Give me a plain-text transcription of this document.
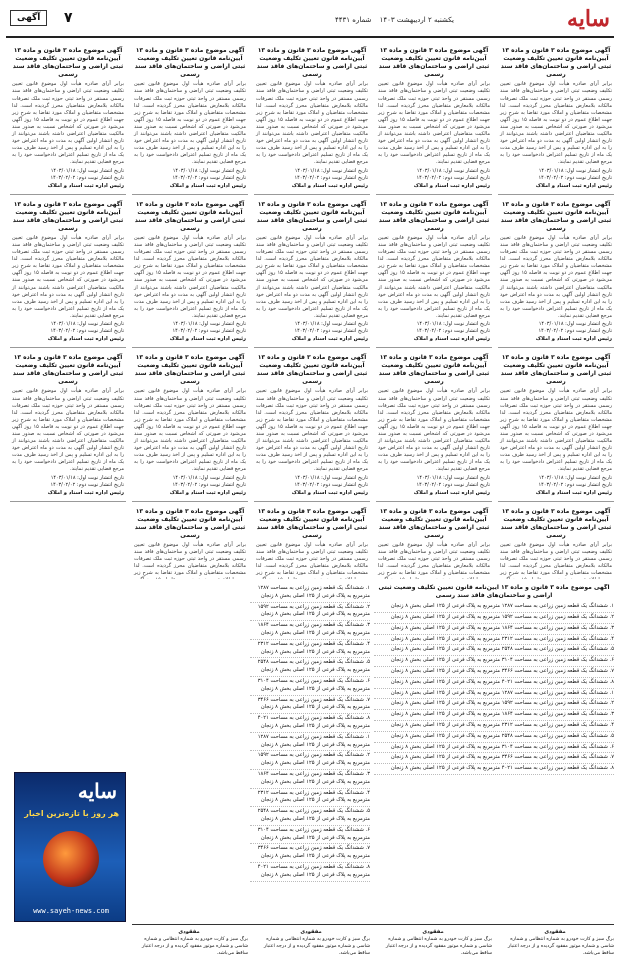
سایه
یکشنبه ۲ اردیبهشت ۱۴۰۳ شماره ۴۴۳۱
آگهی	۷
آگهی موضوع ماده ۳ قانون و ماده ۱۳ آیین‌نامه قانون تعیین تکلیف وضعیت ثبتی اراضی و ساختمان‌های فاقد سند رسمی
برابر آرای صادره هیأت اول موضوع قانون تعیین تکلیف وضعیت ثبتی اراضی و ساختمان‌های فاقد سند رسمی مستقر در واحد ثبتی حوزه ثبت ملک تصرفات مالکانه بلامعارض متقاضیان محرز گردیده است. لذا مشخصات متقاضیان و املاک مورد تقاضا به شرح زیر جهت اطلاع عموم در دو نوبت به فاصله ۱۵ روز آگهی می‌شود در صورتی که اشخاص نسبت به صدور سند مالکیت متقاضیان اعتراضی داشته باشند می‌توانند از تاریخ انتشار اولین آگهی به مدت دو ماه اعتراض خود را به این اداره تسلیم و پس از اخذ رسید ظرف مدت یک ماه از تاریخ تسلیم اعتراض دادخواست خود را به مرجع قضایی تقدیم نمایند.
تاریخ انتشار نوبت اول: ۱۴۰۳/۰۱/۱۸
تاریخ انتشار نوبت دوم: ۱۴۰۳/۰۲/۰۲
رئیس اداره ثبت اسناد و املاک
آگهی موضوع ماده ۳ قانون و ماده ۱۳ آیین‌نامه قانون تعیین تکلیف وضعیت ثبتی اراضی و ساختمان‌های فاقد سند رسمی
برابر آرای صادره هیأت اول موضوع قانون تعیین تکلیف وضعیت ثبتی اراضی و ساختمان‌های فاقد سند رسمی مستقر در واحد ثبتی حوزه ثبت ملک تصرفات مالکانه بلامعارض متقاضیان محرز گردیده است. لذا مشخصات متقاضیان و املاک مورد تقاضا به شرح زیر جهت اطلاع عموم در دو نوبت به فاصله ۱۵ روز آگهی می‌شود در صورتی که اشخاص نسبت به صدور سند مالکیت متقاضیان اعتراضی داشته باشند می‌توانند از تاریخ انتشار اولین آگهی به مدت دو ماه اعتراض خود را به این اداره تسلیم و پس از اخذ رسید ظرف مدت یک ماه از تاریخ تسلیم اعتراض دادخواست خود را به مرجع قضایی تقدیم نمایند.
تاریخ انتشار نوبت اول: ۱۴۰۳/۰۱/۱۸
تاریخ انتشار نوبت دوم: ۱۴۰۳/۰۲/۰۲
رئیس اداره ثبت اسناد و املاک
آگهی موضوع ماده ۳ قانون و ماده ۱۳ آیین‌نامه قانون تعیین تکلیف وضعیت ثبتی اراضی و ساختمان‌های فاقد سند رسمی
برابر آرای صادره هیأت اول موضوع قانون تعیین تکلیف وضعیت ثبتی اراضی و ساختمان‌های فاقد سند رسمی مستقر در واحد ثبتی حوزه ثبت ملک تصرفات مالکانه بلامعارض متقاضیان محرز گردیده است. لذا مشخصات متقاضیان و املاک مورد تقاضا به شرح زیر جهت اطلاع عموم در دو نوبت به فاصله ۱۵ روز آگهی می‌شود در صورتی که اشخاص نسبت به صدور سند مالکیت متقاضیان اعتراضی داشته باشند می‌توانند از تاریخ انتشار اولین آگهی به مدت دو ماه اعتراض خود را به این اداره تسلیم و پس از اخذ رسید ظرف مدت یک ماه از تاریخ تسلیم اعتراض دادخواست خود را به مرجع قضایی تقدیم نمایند.
تاریخ انتشار نوبت اول: ۱۴۰۳/۰۱/۱۸
تاریخ انتشار نوبت دوم: ۱۴۰۳/۰۲/۰۲
رئیس اداره ثبت اسناد و املاک
آگهی موضوع ماده ۳ قانون و ماده ۱۳ آیین‌نامه قانون تعیین تکلیف وضعیت ثبتی اراضی و ساختمان‌های فاقد سند رسمی
برابر آرای صادره هیأت اول موضوع قانون تعیین تکلیف وضعیت ثبتی اراضی و ساختمان‌های فاقد سند رسمی مستقر در واحد ثبتی حوزه ثبت ملک تصرفات مالکانه بلامعارض متقاضیان محرز گردیده است. لذا مشخصات متقاضیان و املاک مورد تقاضا به شرح زیر
آگهی موضوع ماده ۳ قانون و ماده ۱۳ آیین‌نامه قانون تعیین تکلیف وضعیت ثبتی اراضی و ساختمان‌های فاقد سند رسمی
برابر آرای صادره هیأت اول موضوع قانون تعیین تکلیف وضعیت ثبتی اراضی و ساختمان‌های فاقد سند رسمی مستقر در واحد ثبتی حوزه ثبت ملک تصرفات مالکانه بلامعارض متقاضیان محرز گردیده است. لذا مشخصات متقاضیان و املاک مورد تقاضا به شرح زیر جهت اطلاع عموم در دو نوبت به فاصله ۱۵ روز آگهی می‌شود در صورتی که اشخاص نسبت به صدور سند مالکیت متقاضیان اعتراضی داشته باشند می‌توانند از تاریخ انتشار اولین آگهی به مدت دو ماه اعتراض خود را به این اداره تسلیم و پس از اخذ رسید ظرف مدت یک ماه از تاریخ تسلیم اعتراض دادخواست خود را به مرجع قضایی تقدیم نمایند.
تاریخ انتشار نوبت اول: ۱۴۰۳/۰۱/۱۸
تاریخ انتشار نوبت دوم: ۱۴۰۳/۰۲/۰۲
رئیس اداره ثبت اسناد و املاک
آگهی موضوع ماده ۳ قانون و ماده ۱۳ آیین‌نامه قانون تعیین تکلیف وضعیت ثبتی اراضی و ساختمان‌های فاقد سند رسمی
برابر آرای صادره هیأت اول موضوع قانون تعیین تکلیف وضعیت ثبتی اراضی و ساختمان‌های فاقد سند رسمی مستقر در واحد ثبتی حوزه ثبت ملک تصرفات مالکانه بلامعارض متقاضیان محرز گردیده است. لذا مشخصات متقاضیان و املاک مورد تقاضا به شرح زیر جهت اطلاع عموم در دو نوبت به فاصله ۱۵ روز آگهی می‌شود در صورتی که اشخاص نسبت به صدور سند مالکیت متقاضیان اعتراضی داشته باشند می‌توانند از تاریخ انتشار اولین آگهی به مدت دو ماه اعتراض خود را به این اداره تسلیم و پس از اخذ رسید ظرف مدت یک ماه از تاریخ تسلیم اعتراض دادخواست خود را به مرجع قضایی تقدیم نمایند.
تاریخ انتشار نوبت اول: ۱۴۰۳/۰۱/۱۸
تاریخ انتشار نوبت دوم: ۱۴۰۳/۰۲/۰۲
رئیس اداره ثبت اسناد و املاک
آگهی موضوع ماده ۳ قانون و ماده ۱۳ آیین‌نامه قانون تعیین تکلیف وضعیت ثبتی اراضی و ساختمان‌های فاقد سند رسمی
برابر آرای صادره هیأت اول موضوع قانون تعیین تکلیف وضعیت ثبتی اراضی و ساختمان‌های فاقد سند رسمی مستقر در واحد ثبتی حوزه ثبت ملک تصرفات مالکانه بلامعارض متقاضیان محرز گردیده است. لذا مشخصات متقاضیان و املاک مورد تقاضا به شرح زیر جهت اطلاع عموم در دو نوبت به فاصله ۱۵ روز آگهی می‌شود در صورتی که اشخاص نسبت به صدور سند مالکیت متقاضیان اعتراضی داشته باشند می‌توانند از تاریخ انتشار اولین آگهی به مدت دو ماه اعتراض خود را به این اداره تسلیم و پس از اخذ رسید ظرف مدت یک ماه از تاریخ تسلیم اعتراض دادخواست خود را به مرجع قضایی تقدیم نمایند.
تاریخ انتشار نوبت اول: ۱۴۰۳/۰۱/۱۸
تاریخ انتشار نوبت دوم: ۱۴۰۳/۰۲/۰۲
رئیس اداره ثبت اسناد و املاک
آگهی موضوع ماده ۳ قانون و ماده ۱۳ آیین‌نامه قانون تعیین تکلیف وضعیت ثبتی اراضی و ساختمان‌های فاقد سند رسمی
برابر آرای صادره هیأت اول موضوع قانون تعیین تکلیف وضعیت ثبتی اراضی و ساختمان‌های فاقد سند رسمی مستقر در واحد ثبتی حوزه ثبت ملک تصرفات مالکانه بلامعارض متقاضیان محرز گردیده است. لذا مشخصات متقاضیان و املاک مورد تقاضا به شرح زیر
آگهی موضوع ماده ۳ قانون و ماده ۱۳ آیین‌نامه قانون تعیین تکلیف وضعیت ثبتی اراضی و ساختمان‌های فاقد سند رسمی
برابر آرای صادره هیأت اول موضوع قانون تعیین تکلیف وضعیت ثبتی اراضی و ساختمان‌های فاقد سند رسمی مستقر در واحد ثبتی حوزه ثبت ملک تصرفات مالکانه بلامعارض متقاضیان محرز گردیده است. لذا مشخصات متقاضیان و املاک مورد تقاضا به شرح زیر جهت اطلاع عموم در دو نوبت به فاصله ۱۵ روز آگهی می‌شود در صورتی که اشخاص نسبت به صدور سند مالکیت متقاضیان اعتراضی داشته باشند می‌توانند از تاریخ انتشار اولین آگهی به مدت دو ماه اعتراض خود را به این اداره تسلیم و پس از اخذ رسید ظرف مدت یک ماه از تاریخ تسلیم اعتراض دادخواست خود را به مرجع قضایی تقدیم نمایند.
تاریخ انتشار نوبت اول: ۱۴۰۳/۰۱/۱۸
تاریخ انتشار نوبت دوم: ۱۴۰۳/۰۲/۰۲
رئیس اداره ثبت اسناد و املاک
آگهی موضوع ماده ۳ قانون و ماده ۱۳ آیین‌نامه قانون تعیین تکلیف وضعیت ثبتی اراضی و ساختمان‌های فاقد سند رسمی
برابر آرای صادره هیأت اول موضوع قانون تعیین تکلیف وضعیت ثبتی اراضی و ساختمان‌های فاقد سند رسمی مستقر در واحد ثبتی حوزه ثبت ملک تصرفات مالکانه بلامعارض متقاضیان محرز گردیده است. لذا مشخصات متقاضیان و املاک مورد تقاضا به شرح زیر جهت اطلاع عموم در دو نوبت به فاصله ۱۵ روز آگهی می‌شود در صورتی که اشخاص نسبت به صدور سند مالکیت متقاضیان اعتراضی داشته باشند می‌توانند از تاریخ انتشار اولین آگهی به مدت دو ماه اعتراض خود را به این اداره تسلیم و پس از اخذ رسید ظرف مدت یک ماه از تاریخ تسلیم اعتراض دادخواست خود را به مرجع قضایی تقدیم نمایند.
تاریخ انتشار نوبت اول: ۱۴۰۳/۰۱/۱۸
تاریخ انتشار نوبت دوم: ۱۴۰۳/۰۲/۰۲
رئیس اداره ثبت اسناد و املاک
آگهی موضوع ماده ۳ قانون و ماده ۱۳ آیین‌نامه قانون تعیین تکلیف وضعیت ثبتی اراضی و ساختمان‌های فاقد سند رسمی
برابر آرای صادره هیأت اول موضوع قانون تعیین تکلیف وضعیت ثبتی اراضی و ساختمان‌های فاقد سند رسمی مستقر در واحد ثبتی حوزه ثبت ملک تصرفات مالکانه بلامعارض متقاضیان محرز گردیده است. لذا مشخصات متقاضیان و املاک مورد تقاضا به شرح زیر جهت اطلاع عموم در دو نوبت به فاصله ۱۵ روز آگهی می‌شود در صورتی که اشخاص نسبت به صدور سند مالکیت متقاضیان اعتراضی داشته باشند می‌توانند از تاریخ انتشار اولین آگهی به مدت دو ماه اعتراض خود را به این اداره تسلیم و پس از اخذ رسید ظرف مدت یک ماه از تاریخ تسلیم اعتراض دادخواست خود را به مرجع قضایی تقدیم نمایند.
تاریخ انتشار نوبت اول: ۱۴۰۳/۰۱/۱۸
تاریخ انتشار نوبت دوم: ۱۴۰۳/۰۲/۰۲
رئیس اداره ثبت اسناد و املاک
آگهی موضوع ماده ۳ قانون و ماده ۱۳ آیین‌نامه قانون تعیین تکلیف وضعیت ثبتی اراضی و ساختمان‌های فاقد سند رسمی
برابر آرای صادره هیأت اول موضوع قانون تعیین تکلیف وضعیت ثبتی اراضی و ساختمان‌های فاقد سند رسمی مستقر در واحد ثبتی حوزه ثبت ملک تصرفات مالکانه بلامعارض متقاضیان محرز گردیده است. لذا مشخصات متقاضیان و املاک مورد تقاضا به شرح زیر
آگهی موضوع ماده ۳ قانون و ماده ۱۳ آیین‌نامه قانون تعیین تکلیف وضعیت ثبتی اراضی و ساختمان‌های فاقد سند رسمی
برابر آرای صادره هیأت اول موضوع قانون تعیین تکلیف وضعیت ثبتی اراضی و ساختمان‌های فاقد سند رسمی مستقر در واحد ثبتی حوزه ثبت ملک تصرفات مالکانه بلامعارض متقاضیان محرز گردیده است. لذا مشخصات متقاضیان و املاک مورد تقاضا به شرح زیر جهت اطلاع عموم در دو نوبت به فاصله ۱۵ روز آگهی می‌شود در صورتی که اشخاص نسبت به صدور سند مالکیت متقاضیان اعتراضی داشته باشند می‌توانند از تاریخ انتشار اولین آگهی به مدت دو ماه اعتراض خود را به این اداره تسلیم و پس از اخذ رسید ظرف مدت یک ماه از تاریخ تسلیم اعتراض دادخواست خود را به مرجع قضایی تقدیم نمایند.
تاریخ انتشار نوبت اول: ۱۴۰۳/۰۱/۱۸
تاریخ انتشار نوبت دوم: ۱۴۰۳/۰۲/۰۲
رئیس اداره ثبت اسناد و املاک
آگهی موضوع ماده ۳ قانون و ماده ۱۳ آیین‌نامه قانون تعیین تکلیف وضعیت ثبتی اراضی و ساختمان‌های فاقد سند رسمی
برابر آرای صادره هیأت اول موضوع قانون تعیین تکلیف وضعیت ثبتی اراضی و ساختمان‌های فاقد سند رسمی مستقر در واحد ثبتی حوزه ثبت ملک تصرفات مالکانه بلامعارض متقاضیان محرز گردیده است. لذا مشخصات متقاضیان و املاک مورد تقاضا به شرح زیر جهت اطلاع عموم در دو نوبت به فاصله ۱۵ روز آگهی می‌شود در صورتی که اشخاص نسبت به صدور سند مالکیت متقاضیان اعتراضی داشته باشند می‌توانند از تاریخ انتشار اولین آگهی به مدت دو ماه اعتراض خود را به این اداره تسلیم و پس از اخذ رسید ظرف مدت یک ماه از تاریخ تسلیم اعتراض دادخواست خود را به مرجع قضایی تقدیم نمایند.
تاریخ انتشار نوبت اول: ۱۴۰۳/۰۱/۱۸
تاریخ انتشار نوبت دوم: ۱۴۰۳/۰۲/۰۲
رئیس اداره ثبت اسناد و املاک
آگهی موضوع ماده ۳ قانون و ماده ۱۳ آیین‌نامه قانون تعیین تکلیف وضعیت ثبتی اراضی و ساختمان‌های فاقد سند رسمی
برابر آرای صادره هیأت اول موضوع قانون تعیین تکلیف وضعیت ثبتی اراضی و ساختمان‌های فاقد سند رسمی مستقر در واحد ثبتی حوزه ثبت ملک تصرفات مالکانه بلامعارض متقاضیان محرز گردیده است. لذا مشخصات متقاضیان و املاک مورد تقاضا به شرح زیر جهت اطلاع عموم در دو نوبت به فاصله ۱۵ روز آگهی می‌شود در صورتی که اشخاص نسبت به صدور سند مالکیت متقاضیان اعتراضی داشته باشند می‌توانند از تاریخ انتشار اولین آگهی به مدت دو ماه اعتراض خود را به این اداره تسلیم و پس از اخذ رسید ظرف مدت یک ماه از تاریخ تسلیم اعتراض دادخواست خود را به مرجع قضایی تقدیم نمایند.
تاریخ انتشار نوبت اول: ۱۴۰۳/۰۱/۱۸
تاریخ انتشار نوبت دوم: ۱۴۰۳/۰۲/۰۲
رئیس اداره ثبت اسناد و املاک
آگهی موضوع ماده ۳ قانون و ماده ۱۳ آیین‌نامه قانون تعیین تکلیف وضعیت ثبتی اراضی و ساختمان‌های فاقد سند رسمی
برابر آرای صادره هیأت اول موضوع قانون تعیین تکلیف وضعیت ثبتی اراضی و ساختمان‌های فاقد سند رسمی مستقر در واحد ثبتی حوزه ثبت ملک تصرفات مالکانه بلامعارض متقاضیان محرز گردیده است. لذا مشخصات متقاضیان و املاک مورد تقاضا به شرح زیر
آگهی موضوع ماده ۳ قانون و ماده ۱۳ آیین‌نامه قانون تعیین تکلیف وضعیت ثبتی اراضی و ساختمان‌های فاقد سند رسمی
برابر آرای صادره هیأت اول موضوع قانون تعیین تکلیف وضعیت ثبتی اراضی و ساختمان‌های فاقد سند رسمی مستقر در واحد ثبتی حوزه ثبت ملک تصرفات مالکانه بلامعارض متقاضیان محرز گردیده است. لذا مشخصات متقاضیان و املاک مورد تقاضا به شرح زیر جهت اطلاع عموم در دو نوبت به فاصله ۱۵ روز آگهی می‌شود در صورتی که اشخاص نسبت به صدور سند مالکیت متقاضیان اعتراضی داشته باشند می‌توانند از تاریخ انتشار اولین آگهی به مدت دو ماه اعتراض خود را به این اداره تسلیم و پس از اخذ رسید ظرف مدت یک ماه از تاریخ تسلیم اعتراض دادخواست خود را به مرجع قضایی تقدیم نمایند.
تاریخ انتشار نوبت اول: ۱۴۰۳/۰۱/۱۸
تاریخ انتشار نوبت دوم: ۱۴۰۳/۰۲/۰۲
رئیس اداره ثبت اسناد و املاک
آگهی موضوع ماده ۳ قانون و ماده ۱۳ آیین‌نامه قانون تعیین تکلیف وضعیت ثبتی اراضی و ساختمان‌های فاقد سند رسمی
برابر آرای صادره هیأت اول موضوع قانون تعیین تکلیف وضعیت ثبتی اراضی و ساختمان‌های فاقد سند رسمی مستقر در واحد ثبتی حوزه ثبت ملک تصرفات مالکانه بلامعارض متقاضیان محرز گردیده است. لذا مشخصات متقاضیان و املاک مورد تقاضا به شرح زیر جهت اطلاع عموم در دو نوبت به فاصله ۱۵ روز آگهی می‌شود در صورتی که اشخاص نسبت به صدور سند مالکیت متقاضیان اعتراضی داشته باشند می‌توانند از تاریخ انتشار اولین آگهی به مدت دو ماه اعتراض خود را به این اداره تسلیم و پس از اخذ رسید ظرف مدت یک ماه از تاریخ تسلیم اعتراض دادخواست خود را به مرجع قضایی تقدیم نمایند.
تاریخ انتشار نوبت اول: ۱۴۰۳/۰۱/۱۸
تاریخ انتشار نوبت دوم: ۱۴۰۳/۰۲/۰۲
رئیس اداره ثبت اسناد و املاک
آگهی موضوع ماده ۳ قانون و ماده ۱۳ آیین‌نامه قانون تعیین تکلیف وضعیت ثبتی اراضی و ساختمان‌های فاقد سند رسمی
برابر آرای صادره هیأت اول موضوع قانون تعیین تکلیف وضعیت ثبتی اراضی و ساختمان‌های فاقد سند رسمی مستقر در واحد ثبتی حوزه ثبت ملک تصرفات مالکانه بلامعارض متقاضیان محرز گردیده است. لذا مشخصات متقاضیان و املاک مورد تقاضا به شرح زیر جهت اطلاع عموم در دو نوبت به فاصله ۱۵ روز آگهی می‌شود در صورتی که اشخاص نسبت به صدور سند مالکیت متقاضیان اعتراضی داشته باشند می‌توانند از تاریخ انتشار اولین آگهی به مدت دو ماه اعتراض خود را به این اداره تسلیم و پس از اخذ رسید ظرف مدت یک ماه از تاریخ تسلیم اعتراض دادخواست خود را به مرجع قضایی تقدیم نمایند.
تاریخ انتشار نوبت اول: ۱۴۰۳/۰۱/۱۸
تاریخ انتشار نوبت دوم: ۱۴۰۳/۰۲/۰۲
رئیس اداره ثبت اسناد و املاک
آگهی موضوع ماده ۳ قانون و ماده ۱۳ آیین‌نامه قانون تعیین تکلیف وضعیت ثبتی اراضی و ساختمان‌های فاقد سند رسمی
۱. ششدانگ یک قطعه زمین زراعی به مساحت ۱۲۸۷ مترمربع به پلاک فرعی از ۱۲۵ اصلی بخش ۸ زنجان
۲. ششدانگ یک قطعه زمین زراعی به مساحت ۱۵۹۲ مترمربع به پلاک فرعی از ۱۲۵ اصلی بخش ۸ زنجان
۳. ششدانگ یک قطعه زمین زراعی به مساحت ۱۸۶۴ مترمربع به پلاک فرعی از ۱۲۵ اصلی بخش ۸ زنجان
۴. ششدانگ یک قطعه زمین زراعی به مساحت ۲۳۱۲ مترمربع به پلاک فرعی از ۱۲۵ اصلی بخش ۸ زنجان
۵. ششدانگ یک قطعه زمین زراعی به مساحت ۲۵۴۸ مترمربع به پلاک فرعی از ۱۲۵ اصلی بخش ۸ زنجان
۶. ششدانگ یک قطعه زمین زراعی به مساحت ۳۱۰۴ مترمربع به پلاک فرعی از ۱۲۵ اصلی بخش ۸ زنجان
۷. ششدانگ یک قطعه زمین زراعی به مساحت ۳۴۶۶ مترمربع به پلاک فرعی از ۱۲۵ اصلی بخش ۸ زنجان
۸. ششدانگ یک قطعه زمین زراعی به مساحت ۴۰۲۱ مترمربع به پلاک فرعی از ۱۲۵ اصلی بخش ۸ زنجان
۱. ششدانگ یک قطعه زمین زراعی به مساحت ۱۲۸۷ مترمربع به پلاک فرعی از ۱۲۵ اصلی بخش ۸ زنجان
۲. ششدانگ یک قطعه زمین زراعی به مساحت ۱۵۹۲ مترمربع به پلاک فرعی از ۱۲۵ اصلی بخش ۸ زنجان
۳. ششدانگ یک قطعه زمین زراعی به مساحت ۱۸۶۴ مترمربع به پلاک فرعی از ۱۲۵ اصلی بخش ۸ زنجان
۴. ششدانگ یک قطعه زمین زراعی به مساحت ۲۳۱۲ مترمربع به پلاک فرعی از ۱۲۵ اصلی بخش ۸ زنجان
۵. ششدانگ یک قطعه زمین زراعی به مساحت ۲۵۴۸ مترمربع به پلاک فرعی از ۱۲۵ اصلی بخش ۸ زنجان
۶. ششدانگ یک قطعه زمین زراعی به مساحت ۳۱۰۴ مترمربع به پلاک فرعی از ۱۲۵ اصلی بخش ۸ زنجان
۷. ششدانگ یک قطعه زمین زراعی به مساحت ۳۴۶۶ مترمربع به پلاک فرعی از ۱۲۵ اصلی بخش ۸ زنجان
۸. ششدانگ یک قطعه زمین زراعی به مساحت ۴۰۲۱ مترمربع به پلاک فرعی از ۱۲۵ اصلی بخش ۸ زنجان
۱. ششدانگ یک قطعه زمین زراعی به مساحت ۱۲۸۷ مترمربع به پلاک فرعی از ۱۲۵ اصلی بخش ۸ زنجان
۲. ششدانگ یک قطعه زمین زراعی به مساحت ۱۵۹۲ مترمربع به پلاک فرعی از ۱۲۵ اصلی بخش ۸ زنجان
۳. ششدانگ یک قطعه زمین زراعی به مساحت ۱۸۶۴ مترمربع به پلاک فرعی از ۱۲۵ اصلی بخش ۸ زنجان
۴. ششدانگ یک قطعه زمین زراعی به مساحت ۲۳۱۲ مترمربع به پلاک فرعی از ۱۲۵ اصلی بخش ۸ زنجان
۵. ششدانگ یک قطعه زمین زراعی به مساحت ۲۵۴۸ مترمربع به پلاک فرعی از ۱۲۵ اصلی بخش ۸ زنجان
۶. ششدانگ یک قطعه زمین زراعی به مساحت ۳۱۰۴ مترمربع به پلاک فرعی از ۱۲۵ اصلی بخش ۸ زنجان
۷. ششدانگ یک قطعه زمین زراعی به مساحت ۳۴۶۶ مترمربع به پلاک فرعی از ۱۲۵ اصلی بخش ۸ زنجان
۸. ششدانگ یک قطعه زمین زراعی به مساحت ۴۰۲۱ مترمربع به پلاک فرعی از ۱۲۵ اصلی بخش ۸ زنجان
۱. ششدانگ یک قطعه زمین زراعی به مساحت ۱۲۸۷ مترمربع به پلاک فرعی از ۱۲۵ اصلی بخش ۸ زنجان
۲. ششدانگ یک قطعه زمین زراعی به مساحت ۱۵۹۲ مترمربع به پلاک فرعی از ۱۲۵ اصلی بخش ۸ زنجان
۳. ششدانگ یک قطعه زمین زراعی به مساحت ۱۸۶۴ مترمربع به پلاک فرعی از ۱۲۵ اصلی بخش ۸ زنجان
۴. ششدانگ یک قطعه زمین زراعی به مساحت ۲۳۱۲ مترمربع به پلاک فرعی از ۱۲۵ اصلی بخش ۸ زنجان
۵. ششدانگ یک قطعه زمین زراعی به مساحت ۲۵۴۸ مترمربع به پلاک فرعی از ۱۲۵ اصلی بخش ۸ زنجان
۶. ششدانگ یک قطعه زمین زراعی به مساحت ۳۱۰۴ مترمربع به پلاک فرعی از ۱۲۵ اصلی بخش ۸ زنجان
۷. ششدانگ یک قطعه زمین زراعی به مساحت ۳۴۶۶ مترمربع به پلاک فرعی از ۱۲۵ اصلی بخش ۸ زنجان
۸. ششدانگ یک قطعه زمین زراعی به مساحت ۴۰۲۱ مترمربع به پلاک فرعی از ۱۲۵ اصلی بخش ۸ زنجان
سایه
هر روز با تازه‌ترین اخبار
www.sayeh-news.com
مفقودی
برگ سبز و کارت خودرو به شماره انتظامی و شماره شاسی و شماره موتور مفقود گردیده و از درجه اعتبار ساقط می‌باشد.
مفقودی
برگ سبز و کارت خودرو به شماره انتظامی و شماره شاسی و شماره موتور مفقود گردیده و از درجه اعتبار ساقط می‌باشد.
مفقودی
برگ سبز و کارت خودرو به شماره انتظامی و شماره شاسی و شماره موتور مفقود گردیده و از درجه اعتبار ساقط می‌باشد.
مفقودی
برگ سبز و کارت خودرو به شماره انتظامی و شماره شاسی و شماره موتور مفقود گردیده و از درجه اعتبار ساقط می‌باشد.
